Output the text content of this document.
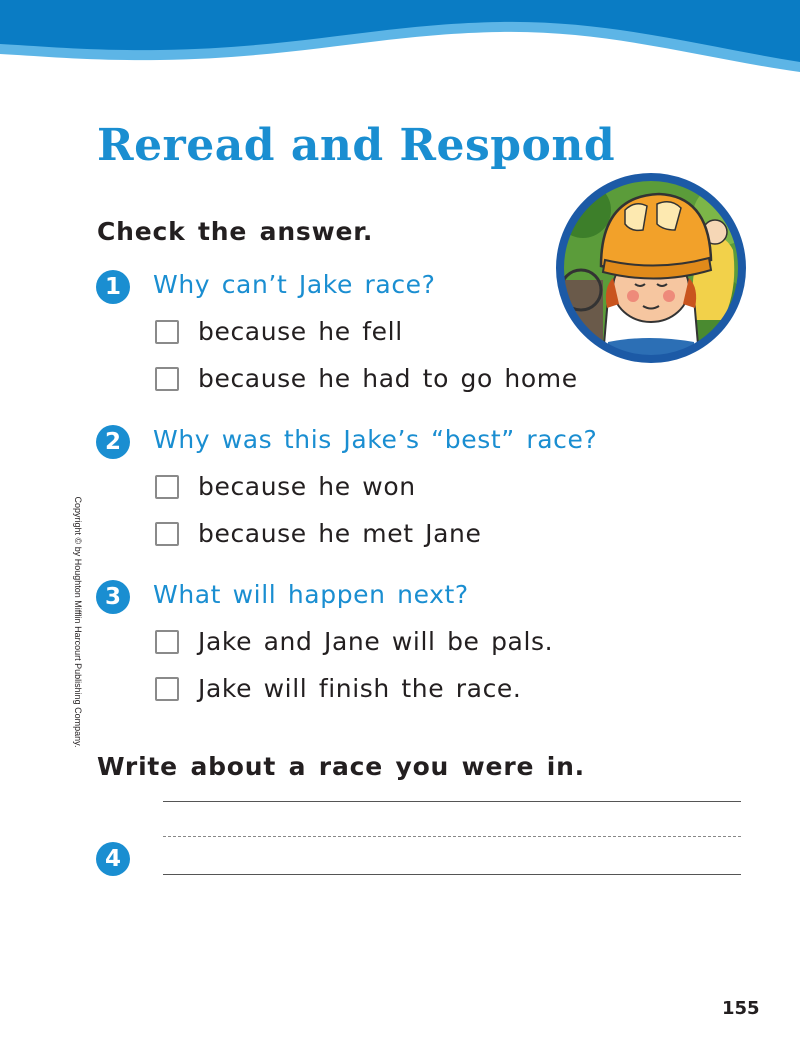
Reread and Respond
Check the answer.
1	Why can’t Jake race?
because he fell
because he had to go home
2	Why was this Jake’s “best” race?
because he won
because he met Jane
3	What will happen next?
Jake and Jane will be pals.
Jake will finish the race.
Write about a race you were in.
4
Copyright © by Houghton Mifflin Harcourt Publishing Company.
155
